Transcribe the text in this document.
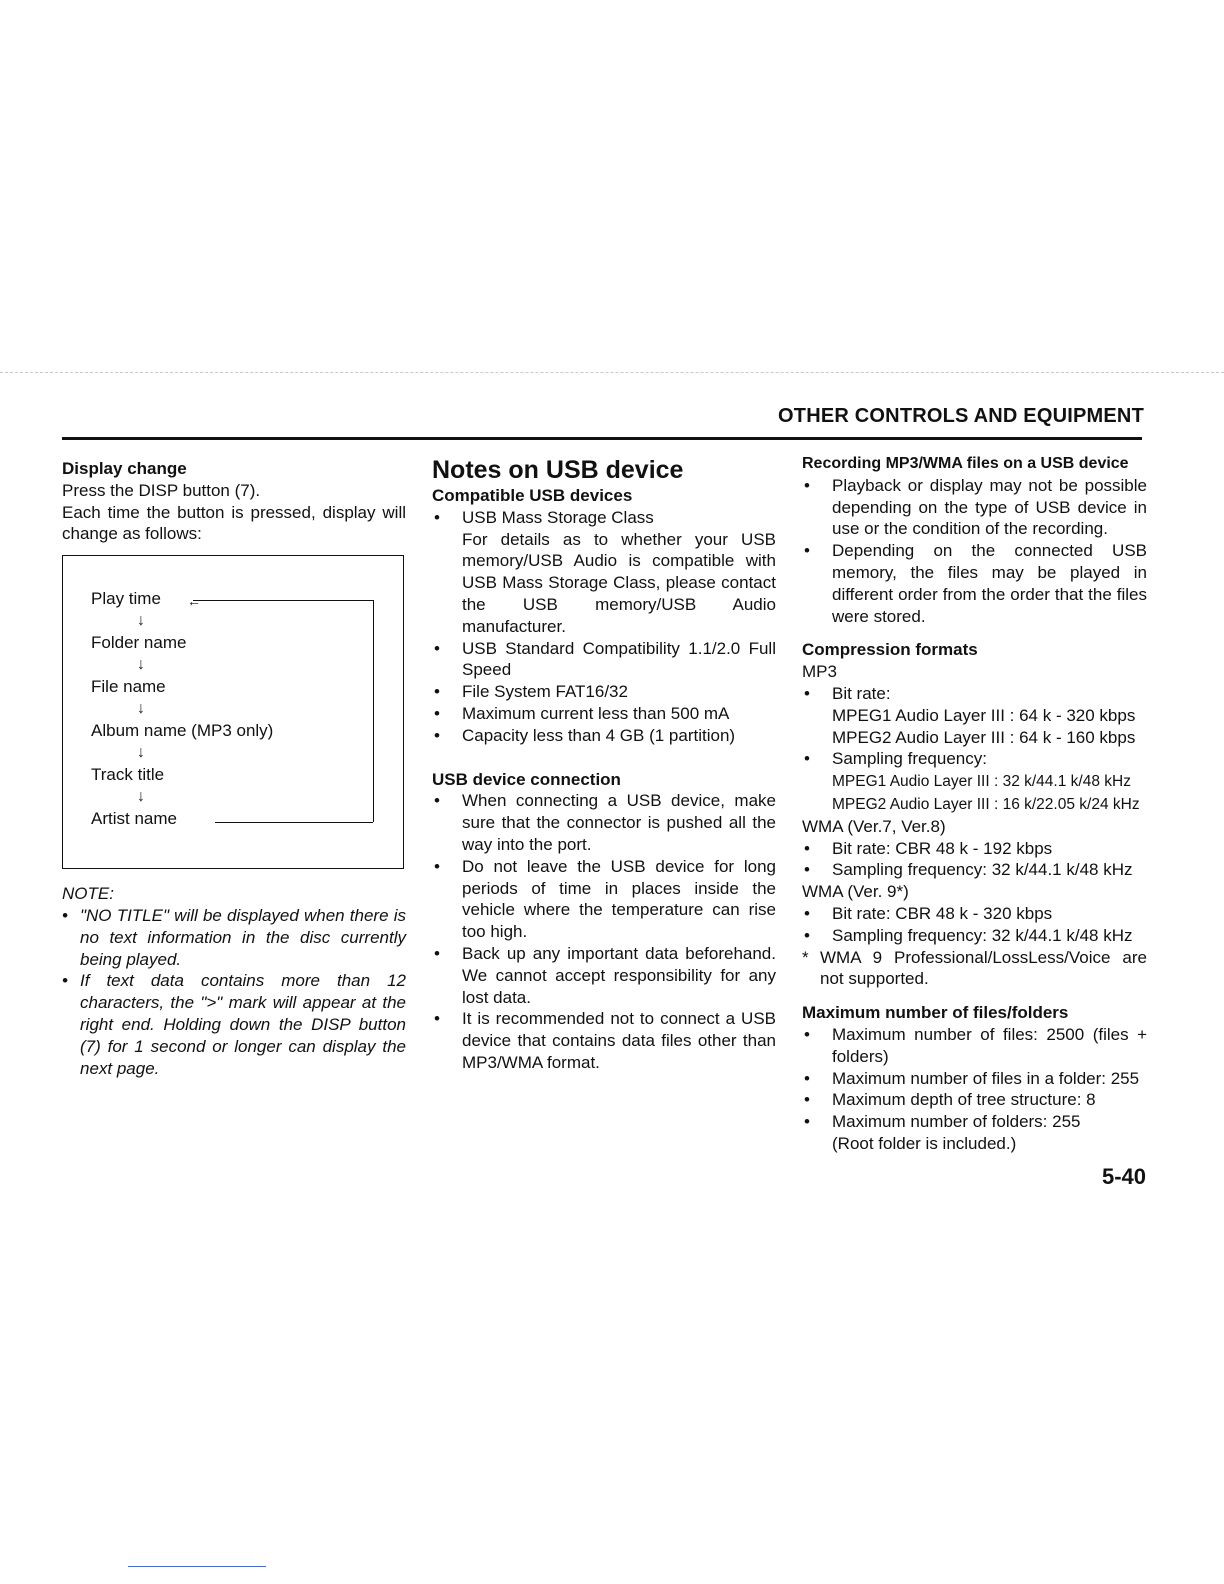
OTHER CONTROLS AND EQUIPMENT
Display change

Press the DISP button (7).

Each time the button is pressed, display will change as follows:

Play time ←
↓
Folder name
↓
File name
↓
Album name (MP3 only)
↓
Track title
↓
Artist name
NOTE:
• "NO TITLE" will be displayed when there is no text information in the disc currently being played.
• If text data contains more than 12 characters, the ">" mark will appear at the right end. Holding down the DISP button (7) for 1 second or longer can display the next page.
Notes on USB device
Compatible USB devices
• USB Mass Storage Class
For details as to whether your USB memory/USB Audio is compatible with USB Mass Storage Class, please contact the USB memory/USB Audio manufacturer.
• USB Standard Compatibility 1.1/2.0 Full Speed
• File System FAT16/32
• Maximum current less than 500 mA
• Capacity less than 4 GB (1 partition)
USB device connection
• When connecting a USB device, make sure that the connector is pushed all the way into the port.
• Do not leave the USB device for long periods of time in places inside the vehicle where the temperature can rise too high.
• Back up any important data beforehand. We cannot accept responsibility for any lost data.
• It is recommended not to connect a USB device that contains data files other than MP3/WMA format.
Recording MP3/WMA files on a USB device
• Playback or display may not be possible depending on the type of USB device in use or the condition of the recording.
• Depending on the connected USB memory, the files may be played in different order from the order that the files were stored.
Compression formats
MP3
• Bit rate:
MPEG1 Audio Layer III : 64 k - 320 kbps
MPEG2 Audio Layer III : 64 k - 160 kbps
• Sampling frequency:
MPEG1 Audio Layer III : 32 k/44.1 k/48 kHz
MPEG2 Audio Layer III : 16 k/22.05 k/24 kHz
WMA (Ver.7, Ver.8)
• Bit rate: CBR 48 k - 192 kbps
• Sampling frequency: 32 k/44.1 k/48 kHz
WMA (Ver. 9*)
• Bit rate: CBR 48 k - 320 kbps
• Sampling frequency: 32 k/44.1 k/48 kHz
* WMA 9 Professional/LossLess/Voice are not supported.
Maximum number of files/folders
• Maximum number of files: 2500 (files + folders)
• Maximum number of files in a folder: 255
• Maximum depth of tree structure: 8
• Maximum number of folders: 255
(Root folder is included.)
5-40
